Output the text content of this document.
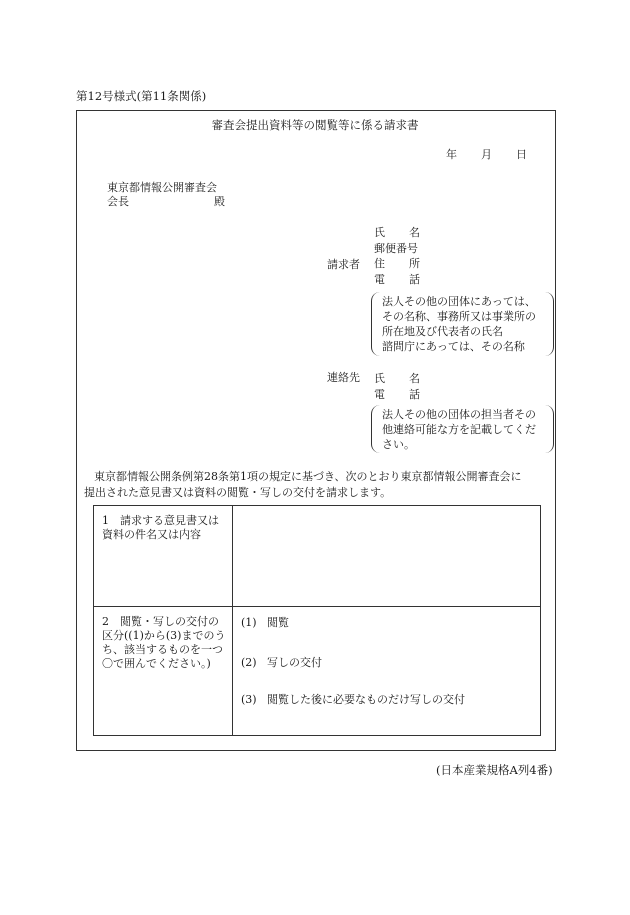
第12号様式(第11条関係)
審査会提出資料等の閲覧等に係る請求書
年 月 日
東京都情報公開審査会
会長	殿
請求者
氏 名
郵便番号
住 所
電 話
法人その他の団体にあっては、
その名称、事務所又は事業所の
所在地及び代表者の氏名
諮問庁にあっては、その名称
連絡先 氏 名
電 話
法人その他の団体の担当者その
他連絡可能な方を記載してくだ
さい。
東京都情報公開条例第28条第1項の規定に基づき、次のとおり東京都情報公開審査会に
提出された意見書又は資料の閲覧・写しの交付を請求します。
1　請求する意見書又は
資料の件名又は内容
2　閲覧・写しの交付の区分((1)から(3)までのうち、該当するものを一つ〇で囲んでください。)
(1) 閲覧
(2) 写しの交付
(3) 閲覧した後に必要なものだけ写しの交付
(日本産業規格A列4番)
